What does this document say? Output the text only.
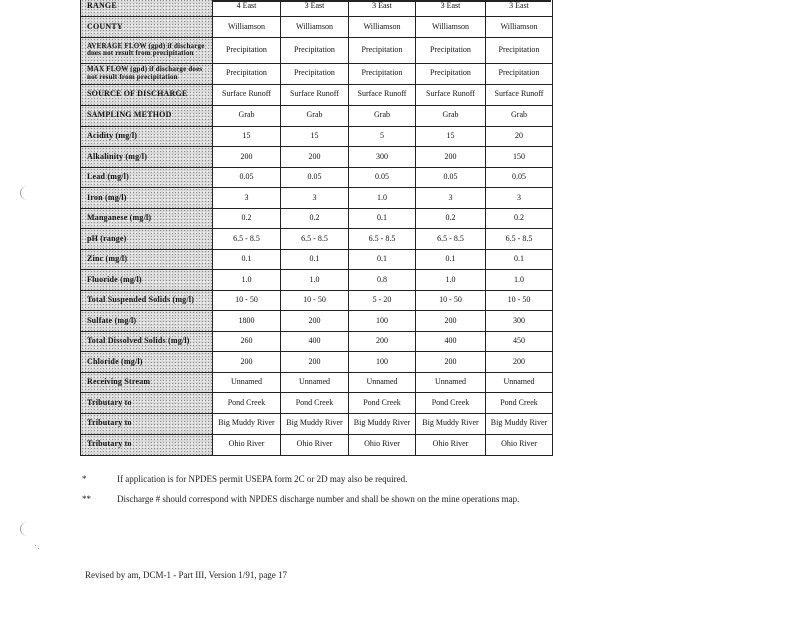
RANGE	4 East	3 East	3 East	3 East	3 East
COUNTY	Williamson	Williamson	Williamson	Williamson	Williamson
AVERAGE FLOW (gpd) if discharge does not result from precipitation	Precipitation	Precipitation	Precipitation	Precipitation	Precipitation
MAX FLOW (gpd) if discharge does not result from precipitation	Precipitation	Precipitation	Precipitation	Precipitation	Precipitation
SOURCE OF DISCHARGE	Surface Runoff	Surface Runoff	Surface Runoff	Surface Runoff	Surface Runoff
SAMPLING METHOD	Grab	Grab	Grab	Grab	Grab
Acidity (mg/l)	15	15	5	15	20
Alkalinity (mg/l)	200	200	300	200	150
Lead (mg/l)	0.05	0.05	0.05	0.05	0.05
Iron (mg/l)	3	3	1.0	3	3
Manganese (mg/l)	0.2	0.2	0.1	0.2	0.2
pH (range)	6.5 - 8.5	6.5 - 8.5	6.5 - 8.5	6.5 - 8.5	6.5 - 8.5
Zinc (mg/l)	0.1	0.1	0.1	0.1	0.1
Fluoride (mg/l)	1.0	1.0	0.8	1.0	1.0
Total Suspended Solids (mg/l)	10 - 50	10 - 50	5 - 20	10 - 50	10 - 50
Sulfate (mg/l)	1800	200	100	200	300
Total Dissolved Solids (mg/l)	260	400	200	400	450
Chloride (mg/l)	200	200	100	200	200
Receiving Stream	Unnamed	Unnamed	Unnamed	Unnamed	Unnamed
Tributary to	Pond Creek	Pond Creek	Pond Creek	Pond Creek	Pond Creek
Tributary to	Big Muddy River	Big Muddy River	Big Muddy River	Big Muddy River	Big Muddy River
Tributary to	Ohio River	Ohio River	Ohio River	Ohio River	Ohio River
*	If application is for NPDES permit USEPA form 2C or 2D may also be required.
**	Discharge # should correspond with NPDES discharge number and shall be shown on the mine operations map.
Revised by am, DCM-1 - Part III, Version 1/91, page 17
